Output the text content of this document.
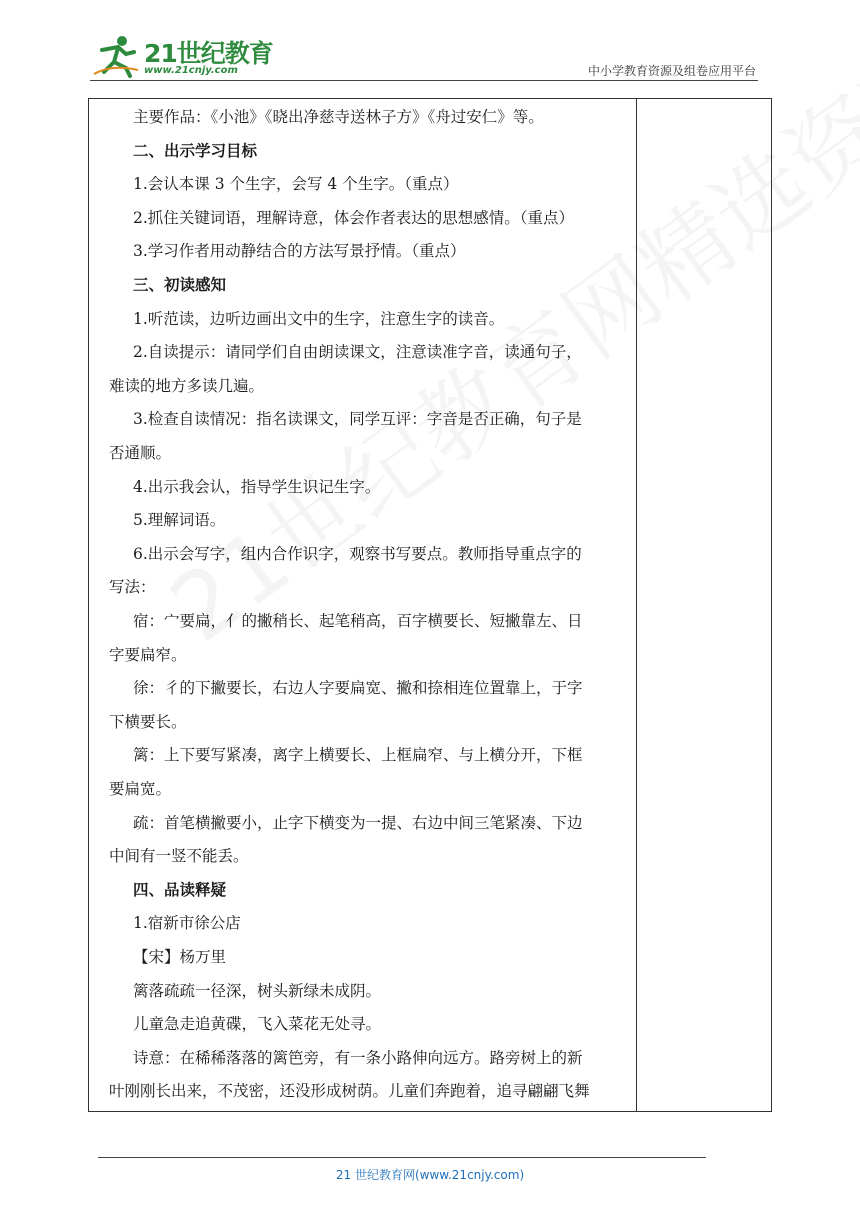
21世纪教育
www.21cnjy.com	中小学教育资源及组卷应用平台
主要作品：《小池》《晓出净慈寺送林子方》《舟过安仁》等。
二、出示学习目标
1.会认本课 3 个生字，会写 4 个生字。（重点）
2.抓住关键词语，理解诗意，体会作者表达的思想感情。（重点）
3.学习作者用动静结合的方法写景抒情。（重点）
三、初读感知
1.听范读，边听边画出文中的生字，注意生字的读音。
2.自读提示：请同学们自由朗读课文，注意读准字音，读通句子，
难读的地方多读几遍。
3.检查自读情况：指名读课文，同学互评：字音是否正确，句子是
否通顺。
4.出示我会认，指导学生识记生字。
5.理解词语。
6.出示会写字，组内合作识字，观察书写要点。教师指导重点字的
写法：
宿：宀要扁，亻的撇稍长、起笔稍高，百字横要长、短撇靠左、日
字要扁窄。
徐：彳的下撇要长，右边人字要扁宽、撇和捺相连位置靠上，于字
下横要长。
篱：上下要写紧凑，离字上横要长、上框扁窄、与上横分开，下框
要扁宽。
疏：首笔横撇要小，止字下横变为一提、右边中间三笔紧凑、下边
中间有一竖不能丢。
四、品读释疑
1.宿新市徐公店
【宋】杨万里
篱落疏疏一径深，树头新绿未成阴。
儿童急走追黄碟，飞入菜花无处寻。
诗意：在稀稀落落的篱笆旁，有一条小路伸向远方。路旁树上的新
叶刚刚长出来，不茂密，还没形成树荫。儿童们奔跑着，追寻翩翩飞舞
21 世纪教育网(www.21cnjy.com)
